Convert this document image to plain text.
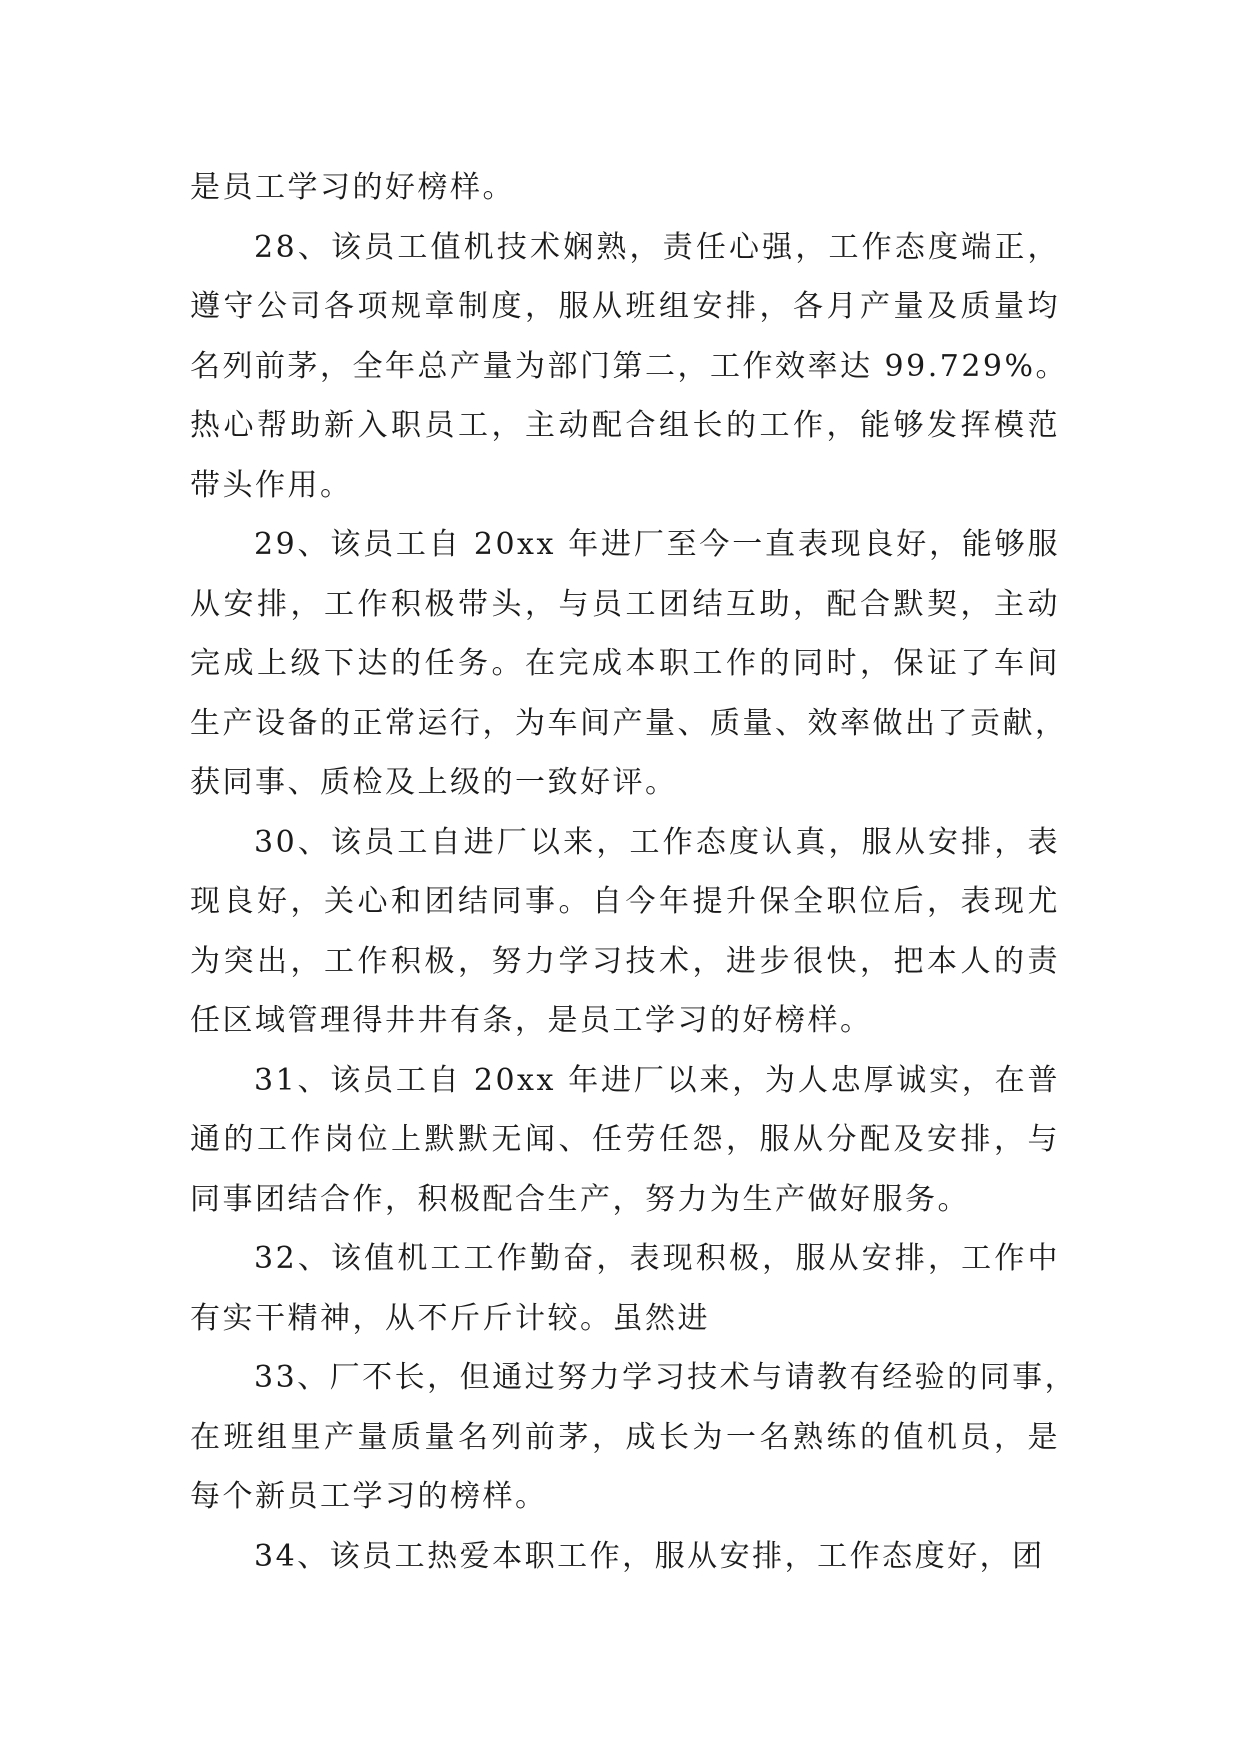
是员工学习的好榜样。
28、该员工值机技术娴熟，责任心强，工作态度端正，
遵守公司各项规章制度，服从班组安排，各月产量及质量均
名列前茅，全年总产量为部门第二，工作效率达 99.729%。
热心帮助新入职员工，主动配合组长的工作，能够发挥模范
带头作用。
29、该员工自 20xx 年进厂至今一直表现良好，能够服
从安排，工作积极带头，与员工团结互助，配合默契，主动
完成上级下达的任务。在完成本职工作的同时，保证了车间
生产设备的正常运行，为车间产量、质量、效率做出了贡献，
获同事、质检及上级的一致好评。
30、该员工自进厂以来，工作态度认真，服从安排，表
现良好，关心和团结同事。自今年提升保全职位后，表现尤
为突出，工作积极，努力学习技术，进步很快，把本人的责
任区域管理得井井有条，是员工学习的好榜样。
31、该员工自 20xx 年进厂以来，为人忠厚诚实，在普
通的工作岗位上默默无闻、任劳任怨，服从分配及安排，与
同事团结合作，积极配合生产，努力为生产做好服务。
32、该值机工工作勤奋，表现积极，服从安排，工作中
有实干精神，从不斤斤计较。虽然进
33、厂不长，但通过努力学习技术与请教有经验的同事，
在班组里产量质量名列前茅，成长为一名熟练的值机员，是
每个新员工学习的榜样。
34、该员工热爱本职工作，服从安排，工作态度好，团
